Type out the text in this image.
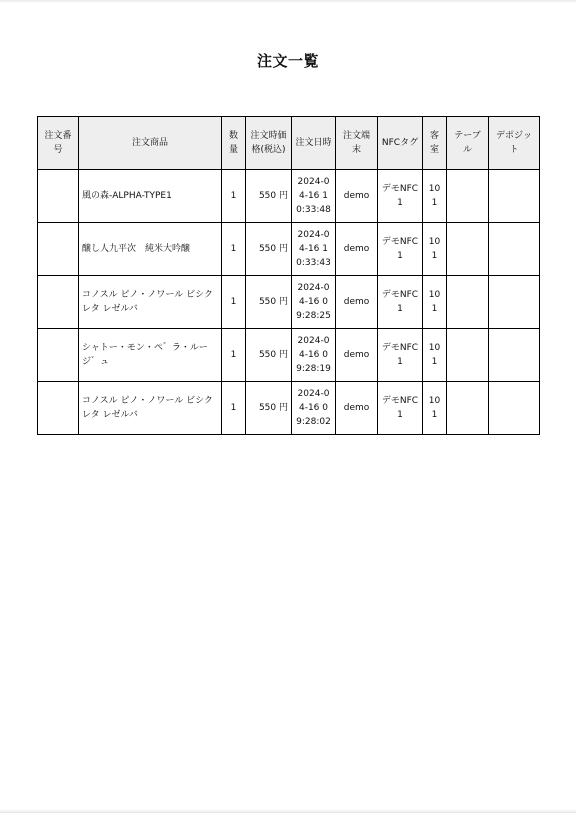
注文一覧
注文番号	注文商品	数量	注文時価格(税込)	注文日時	注文端末	NFCタグ	客室	テーブル	デポジット
	風の森-ALPHA-TYPE1	1	550 円	2024-04-16 10:33:48	demo	デモNFC1	101		
	醸し人九平次　純米大吟醸	1	550 円	2024-04-16 10:33:43	demo	デモNFC1	101		
	コノスル ピノ・ノワール ビシクレタ レゼルバ	1	550 円	2024-04-16 09:28:25	demo	デモNFC1	101		
	シャトー・モン・ペ゛ラ・ルージ゛ュ	1	550 円	2024-04-16 09:28:19	demo	デモNFC1	101		
	コノスル ピノ・ノワール ビシクレタ レゼルバ	1	550 円	2024-04-16 09:28:02	demo	デモNFC1	101		
